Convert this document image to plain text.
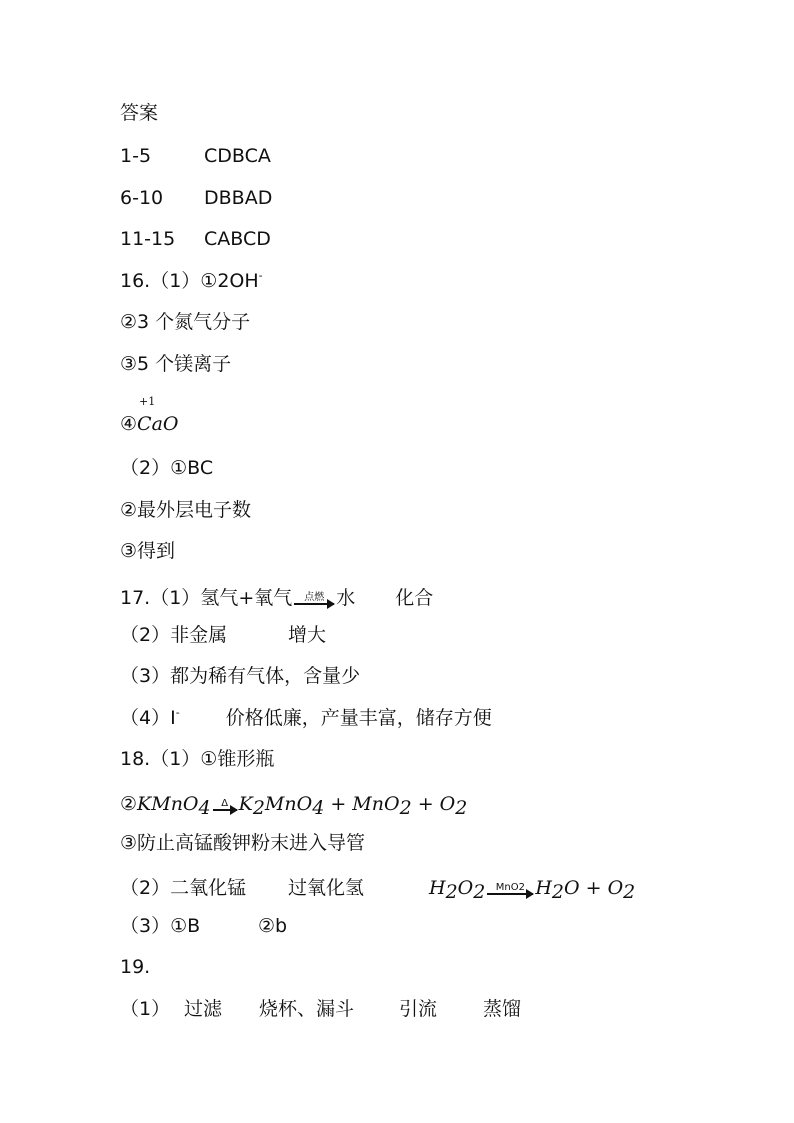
答案
1-5	CDBCA
6-10 DBBAD
11-15 CABCD
16.（1）①2OH-
②3 个氮气分子
③5 个镁离子
④
+1
CaO
（2）①BC
②最外层电子数
③得到
17.（1）氢气+氧气 点燃 水 化合
（2）非金属	增大
（3）都为稀有气体，含量少
（4）I- 价格低廉，产量丰富，储存方便
18.（1）①锥形瓶
②KMnO$_4$ Δ $K_2MnO_4 + MnO_2 + O_2$
③防止高锰酸钾粉末进入导管
（2）二氧化锰 过氧化氢	$H_2O_2$ MnO2 $H_2O + O_2$
（3）①B	②b
19.
（1） 过滤 烧杯、漏斗 引流 蒸馏
